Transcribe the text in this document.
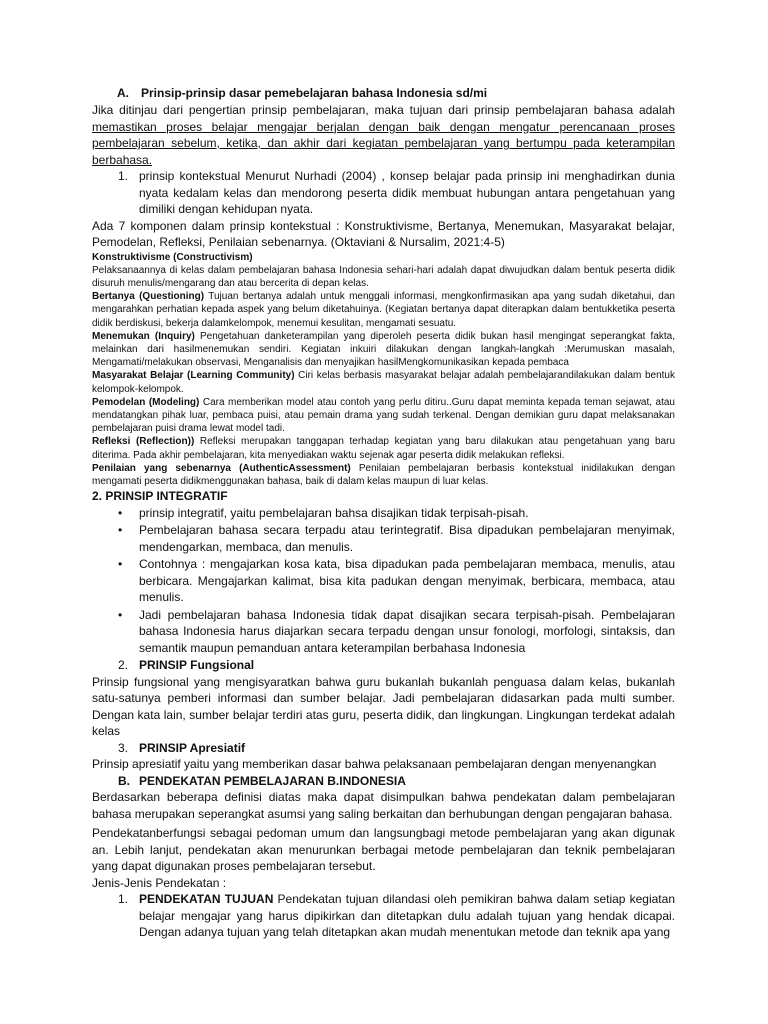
A. Prinsip-prinsip dasar pemebelajaran bahasa Indonesia sd/mi

Jika ditinjau dari pengertian prinsip pembelajaran, maka tujuan dari prinsip pembelajaran bahasa adalah memastikan proses belajar mengajar berjalan dengan baik dengan mengatur perencanaan proses pembelajaran sebelum, ketika, dan akhir dari kegiatan pembelajaran yang bertumpu pada keterampilan berbahasa.

1. prinsip kontekstual Menurut Nurhadi (2004) , konsep belajar pada prinsip ini menghadirkan dunia nyata kedalam kelas dan mendorong peserta didik membuat hubungan antara pengetahuan yang dimiliki dengan kehidupan nyata.

Ada 7 komponen dalam prinsip kontekstual : Konstruktivisme, Bertanya, Menemukan, Masyarakat belajar, Pemodelan, Refleksi, Penilaian sebenarnya. (Oktaviani & Nursalim, 2021:4-5)

Konstruktivisme (Constructivism)
Pelaksanaannya di kelas dalam pembelajaran bahasa Indonesia sehari-hari adalah dapat diwujudkan dalam bentuk peserta didik disuruh menulis/mengarang dan atau bercerita di depan kelas.

Bertanya (Questioning) Tujuan bertanya adalah untuk menggali informasi, mengkonfirmasikan apa yang sudah diketahui, dan mengarahkan perhatian kepada aspek yang belum diketahuinya. (Kegiatan bertanya dapat diterapkan dalam bentukketika peserta didik berdiskusi, bekerja dalamkelompok, menemui kesulitan, mengamati sesuatu.

Menemukan (Inquiry) Pengetahuan danketerampilan yang diperoleh peserta didik bukan hasil mengingat seperangkat fakta, melainkan dari hasilmenemukan sendiri. Kegiatan inkuiri dilakukan dengan langkah-langkah :Merumuskan masalah, Mengamati/melakukan observasi, Menganalisis dan menyajikan hasilMengkomunikasikan kepada pembaca

Masyarakat Belajar (Learning Community) Ciri kelas berbasis masyarakat belajar adalah pembelajarandilakukan dalam bentuk kelompok-kelompok.

Pemodelan (Modeling) Cara memberikan model atau contoh yang perlu ditiru..Guru dapat meminta kepada teman sejawat, atau mendatangkan pihak luar, pembaca puisi, atau pemain drama yang sudah terkenal. Dengan demikian guru dapat melaksanakan pembelajaran puisi drama lewat model tadi.

Refleksi (Reflection)) Refleksi merupakan tanggapan terhadap kegiatan yang baru dilakukan atau pengetahuan yang baru diterima. Pada akhir pembelajaran, kita menyediakan waktu sejenak agar peserta didik melakukan refleksi.

Penilaian yang sebenarnya (AuthenticAssessment) Penilaian pembelajaran berbasis kontekstual inidilakukan dengan mengamati peserta didikmenggunakan bahasa, baik di dalam kelas maupun di luar kelas.

2. PRINSIP INTEGRATIF

•	prinsip integratif, yaitu pembelajaran bahsa disajikan tidak terpisah-pisah.
•	Pembelajaran bahasa secara terpadu atau terintegratif. Bisa dipadukan pembelajaran menyimak, mendengarkan, membaca, dan menulis.
•	Contohnya : mengajarkan kosa kata, bisa dipadukan pada pembelajaran membaca, menulis, atau berbicara. Mengajarkan kalimat, bisa kita padukan dengan menyimak, berbicara, membaca, atau menulis.
•	Jadi pembelajaran bahasa Indonesia tidak dapat disajikan secara terpisah-pisah. Pembelajaran bahasa Indonesia harus diajarkan secara terpadu dengan unsur fonologi, morfologi, sintaksis, dan semantik maupun pemanduan antara keterampilan berbahasa Indonesia
2. PRINSIP Fungsional

Prinsip fungsional yang mengisyaratkan bahwa guru bukanlah bukanlah penguasa dalam kelas, bukanlah satu-satunya pemberi informasi dan sumber belajar. Jadi pembelajaran didasarkan pada multi sumber. Dengan kata lain, sumber belajar terdiri atas guru, peserta didik, dan lingkungan. Lingkungan terdekat adalah kelas

3. PRINSIP Apresiatif

Prinsip apresiatif yaitu yang memberikan dasar bahwa pelaksanaan pembelajaran dengan menyenangkan

B. PENDEKATAN PEMBELAJARAN B.INDONESIA

Berdasarkan beberapa definisi diatas maka dapat disimpulkan bahwa pendekatan dalam pembelajaran bahasa merupakan seperangkat asumsi yang saling berkaitan dan berhubungan dengan pengajaran bahasa.

Pendekatanberfungsi sebagai pedoman umum dan langsungbagi metode pembelajaran yang akan digunak an. Lebih lanjut, pendekatan akan menurunkan berbagai metode pembelajaran dan teknik pembelajaran yang dapat digunakan proses pembelajaran tersebut.

Jenis-Jenis Pendekatan :

1. PENDEKATAN TUJUAN Pendekatan tujuan dilandasi oleh pemikiran bahwa dalam setiap kegiatan belajar mengajar yang harus dipikirkan dan ditetapkan dulu adalah tujuan yang hendak dicapai. Dengan adanya tujuan yang telah ditetapkan akan mudah menentukan metode dan teknik apa yang
